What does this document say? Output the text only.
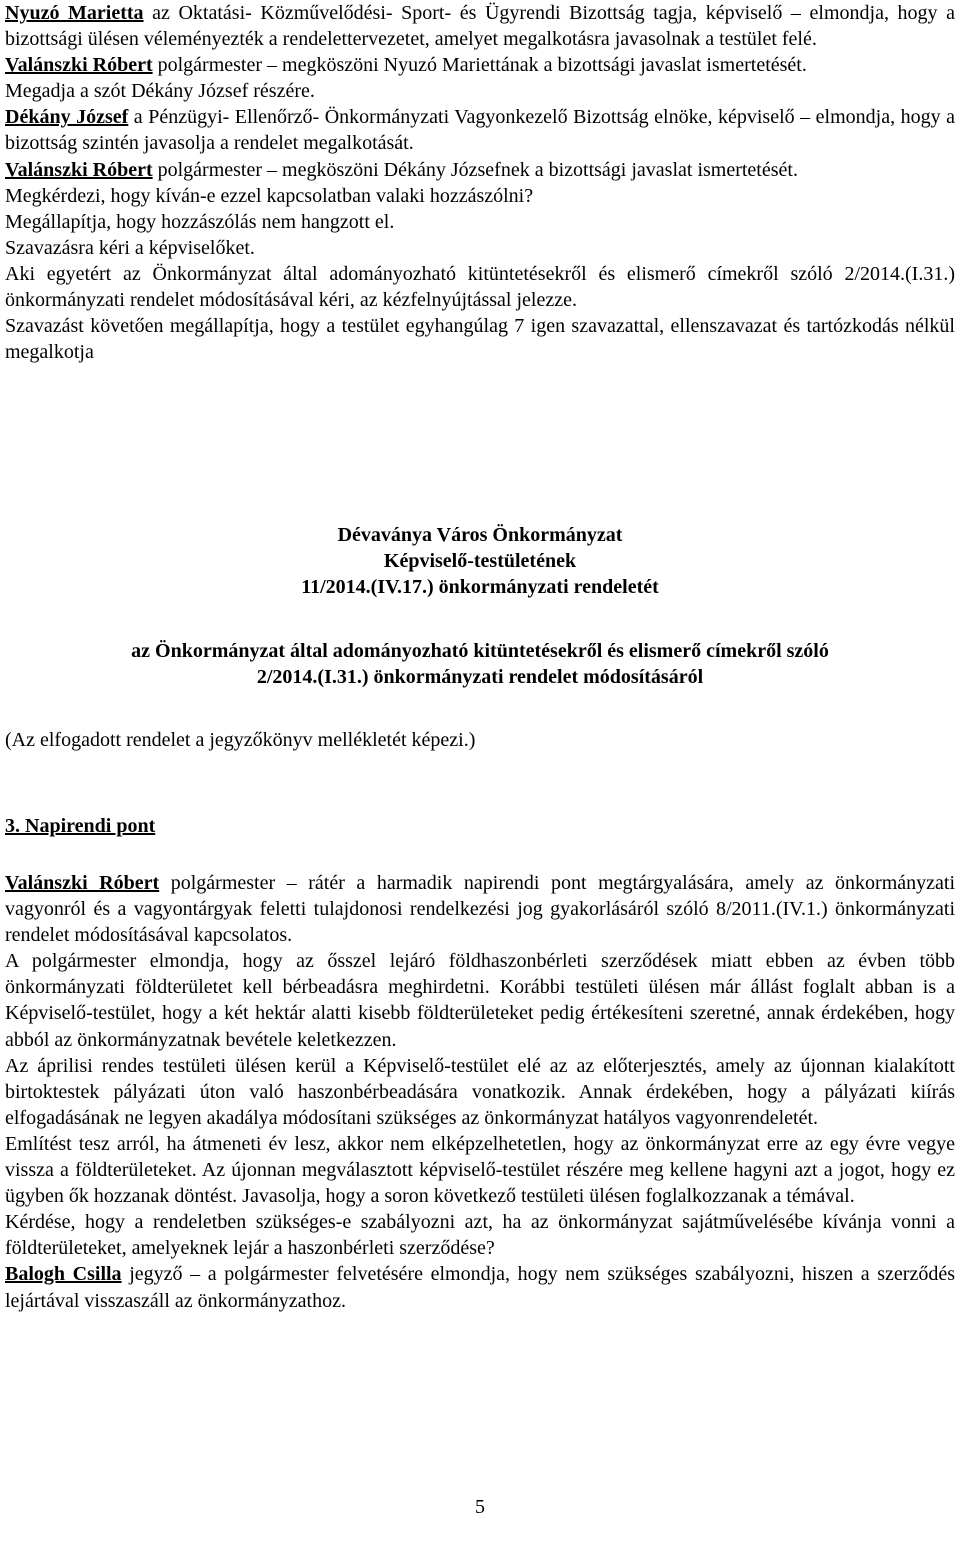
Nyuzó Marietta az Oktatási- Közművelődési- Sport- és Ügyrendi Bizottság tagja, képviselő – elmondja, hogy a bizottsági ülésen véleményezték a rendelettervezetet, amelyet megalkotásra javasolnak a testület felé.

Valánszki Róbert polgármester – megköszöni Nyuzó Mariettának a bizottsági javaslat ismertetését.

Megadja a szót Dékány József részére.

Dékány József a Pénzügyi- Ellenőrző- Önkormányzati Vagyonkezelő Bizottság elnöke, képviselő – elmondja, hogy a bizottság szintén javasolja a rendelet megalkotását.

Valánszki Róbert polgármester – megköszöni Dékány Józsefnek a bizottsági javaslat ismertetését.

Megkérdezi, hogy kíván-e ezzel kapcsolatban valaki hozzászólni?

Megállapítja, hogy hozzászólás nem hangzott el.

Szavazásra kéri a képviselőket.

Aki egyetért az Önkormányzat által adományozható kitüntetésekről és elismerő címekről szóló 2/2014.(I.31.) önkormányzati rendelet módosításával kéri, az kézfelnyújtással jelezze.

Szavazást követően megállapítja, hogy a testület egyhangúlag 7 igen szavazattal, ellenszavazat és tartózkodás nélkül megalkotja

Dévaványa Város Önkormányzat

Képviselő-testületének

11/2014.(IV.17.) önkormányzati rendeletét

az Önkormányzat által adományozható kitüntetésekről és elismerő címekről szóló

2/2014.(I.31.) önkormányzati rendelet módosításáról

(Az elfogadott rendelet a jegyzőkönyv mellékletét képezi.)

3. Napirendi pont

Valánszki Róbert polgármester – rátér a harmadik napirendi pont megtárgyalására, amely az önkormányzati vagyonról és a vagyontárgyak feletti tulajdonosi rendelkezési jog gyakorlásáról szóló 8/2011.(IV.1.) önkormányzati rendelet módosításával kapcsolatos.

A polgármester elmondja, hogy az ősszel lejáró földhaszonbérleti szerződések miatt ebben az évben több önkormányzati földterületet kell bérbeadásra meghirdetni. Korábbi testületi ülésen már állást foglalt abban is a Képviselő-testület, hogy a két hektár alatti kisebb földterületeket pedig értékesíteni szeretné, annak érdekében, hogy abból az önkormányzatnak bevétele keletkezzen.

Az áprilisi rendes testületi ülésen kerül a Képviselő-testület elé az az előterjesztés, amely az újonnan kialakított birtoktestek pályázati úton való haszonbérbeadására vonatkozik. Annak érdekében, hogy a pályázati kiírás elfogadásának ne legyen akadálya módosítani szükséges az önkormányzat hatályos vagyonrendeletét.

Említést tesz arról, ha átmeneti év lesz, akkor nem elképzelhetetlen, hogy az önkormányzat erre az egy évre vegye vissza a földterületeket. Az újonnan megválasztott képviselő-testület részére meg kellene hagyni azt a jogot, hogy ez ügyben ők hozzanak döntést. Javasolja, hogy a soron következő testületi ülésen foglalkozzanak a témával.

Kérdése, hogy a rendeletben szükséges-e szabályozni azt, ha az önkormányzat sajátművelésébe kívánja vonni a földterületeket, amelyeknek lejár a haszonbérleti szerződése?

Balogh Csilla jegyző – a polgármester felvetésére elmondja, hogy nem szükséges szabályozni, hiszen a szerződés lejártával visszaszáll az önkormányzathoz.

5
